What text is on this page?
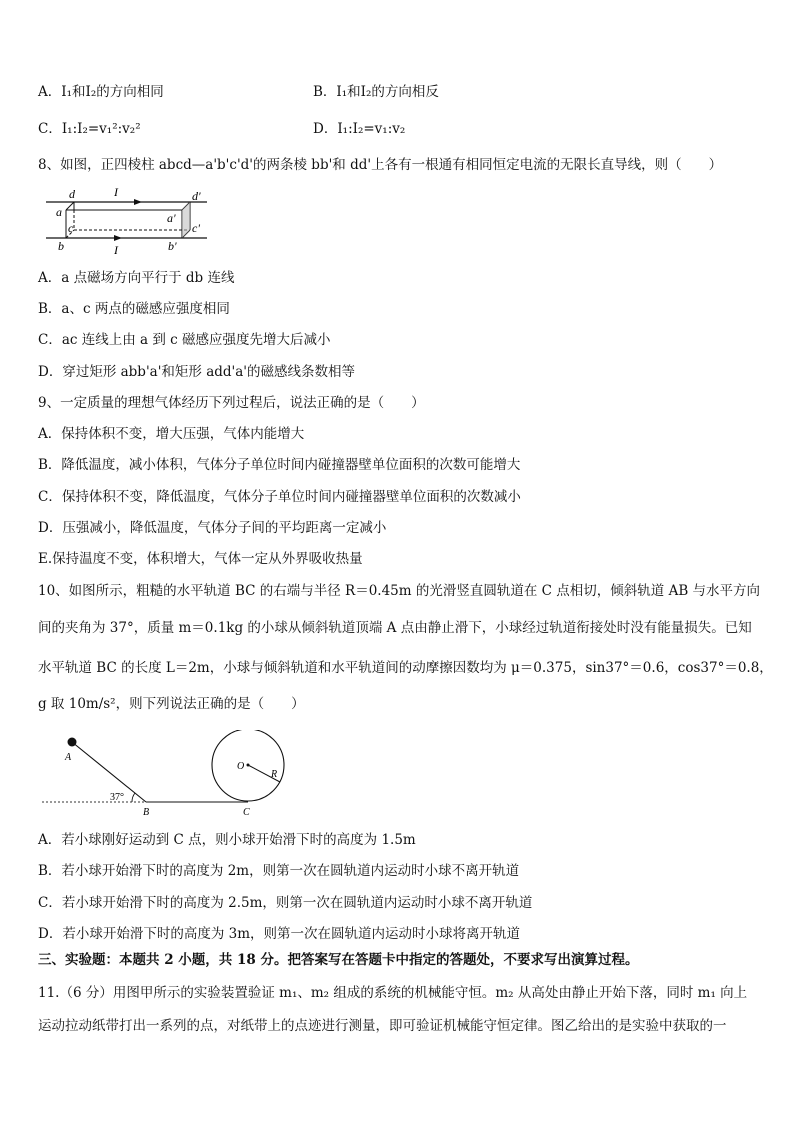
A．I₁和I₂的方向相同	B．I₁和I₂的方向相反
C．I₁:I₂=v₁²:v₂²	D．I₁:I₂=v₁:v₂
8、如图，正四棱柱 abcd—a'b'c'd'的两条棱 bb'和 dd'上各有一根通有相同恒定电流的无限长直导线，则（　　）
d
a
c
b
d'
a'
c'
b'
I
I
A．a 点磁场方向平行于 db 连线
B．a、c 两点的磁感应强度相同
C．ac 连线上由 a 到 c 磁感应强度先增大后减小
D．穿过矩形 abb'a'和矩形 add'a'的磁感线条数相等
9、一定质量的理想气体经历下列过程后，说法正确的是（　　）
A．保持体积不变，增大压强，气体内能增大
B．降低温度，减小体积，气体分子单位时间内碰撞器壁单位面积的次数可能增大
C．保持体积不变，降低温度，气体分子单位时间内碰撞器壁单位面积的次数减小
D．压强减小，降低温度，气体分子间的平均距离一定减小
E.保持温度不变，体积增大，气体一定从外界吸收热量
10、如图所示，粗糙的水平轨道 BC 的右端与半径 R＝0.45m 的光滑竖直圆轨道在 C 点相切，倾斜轨道 AB 与水平方向
间的夹角为 37°，质量 m＝0.1kg 的小球从倾斜轨道顶端 A 点由静止滑下，小球经过轨道衔接处时没有能量损失。已知
水平轨道 BC 的长度 L＝2m，小球与倾斜轨道和水平轨道间的动摩擦因数均为 μ＝0.375，sin37°＝0.6，cos37°＝0.8，
g 取 10m/s²，则下列说法正确的是（　　）
A
B	C
O
R
37°
A．若小球刚好运动到 C 点，则小球开始滑下时的高度为 1.5m
B．若小球开始滑下时的高度为 2m，则第一次在圆轨道内运动时小球不离开轨道
C．若小球开始滑下时的高度为 2.5m，则第一次在圆轨道内运动时小球不离开轨道
D．若小球开始滑下时的高度为 3m，则第一次在圆轨道内运动时小球将离开轨道
三、实验题：本题共 2 小题，共 18 分。把答案写在答题卡中指定的答题处，不要求写出演算过程。
11.（6 分）用图甲所示的实验装置验证 m₁、m₂ 组成的系统的机械能守恒。m₂ 从高处由静止开始下落，同时 m₁ 向上
运动拉动纸带打出一系列的点，对纸带上的点迹进行测量，即可验证机械能守恒定律。图乙给出的是实验中获取的一
